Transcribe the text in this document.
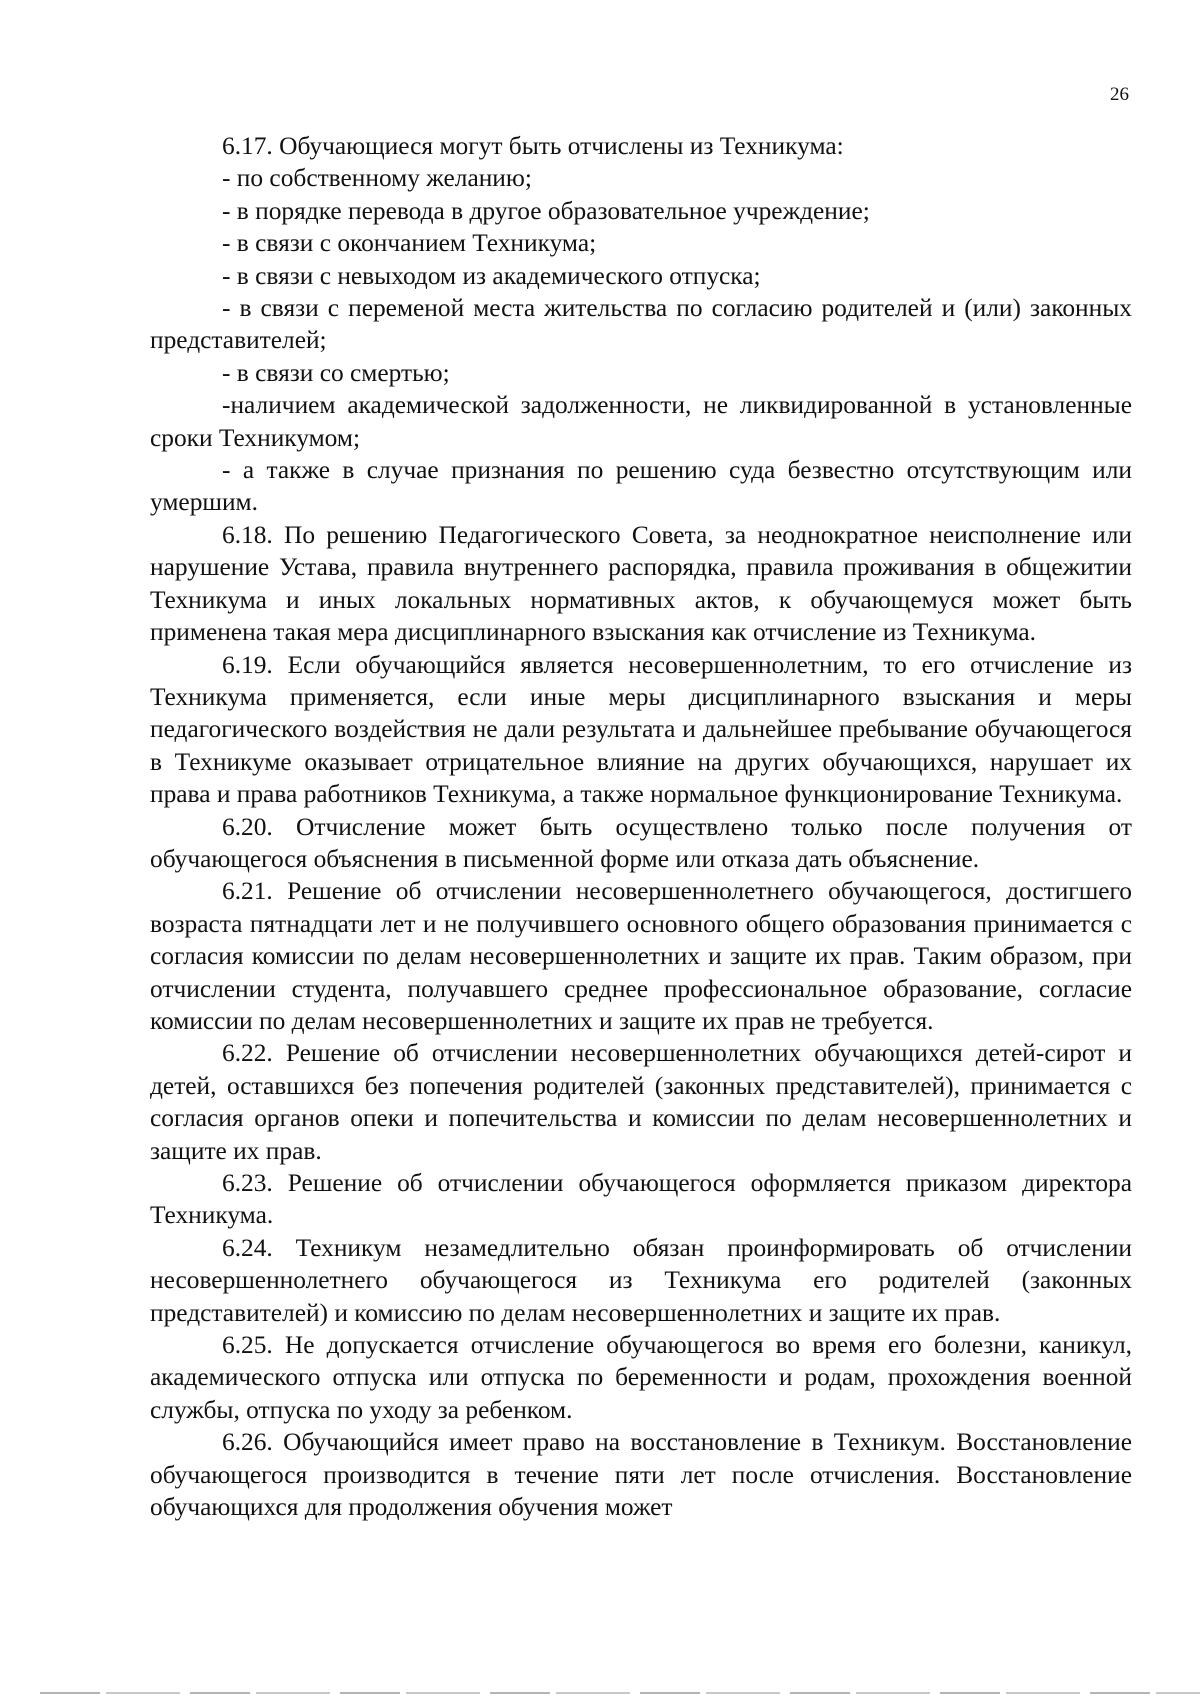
26

6.17. Обучающиеся могут быть отчислены из Техникума:

- по собственному желанию;

- в порядке перевода в другое образовательное учреждение;

- в связи с окончанием Техникума;

- в связи с невыходом из академического отпуска;

- в связи с переменой места жительства по согласию родителей и (или) законных представителей;

- в связи со смертью;

-наличием академической задолженности, не ликвидированной в установленные сроки Техникумом;

- а также в случае признания по решению суда безвестно отсутствующим или умершим.

6.18. По решению Педагогического Совета, за неоднократное неисполнение или нарушение Устава, правила внутреннего распорядка, правила проживания в общежитии Техникума и иных локальных нормативных актов, к обучающемуся может быть применена такая мера дисциплинарного взыскания как отчисление из Техникума.

6.19. Если обучающийся является несовершеннолетним, то его отчисление из Техникума применяется, если иные меры дисциплинарного взыскания и меры педагогического воздействия не дали результата и дальнейшее пребывание обучающегося в Техникуме оказывает отрицательное влияние на других обучающихся, нарушает их права и права работников Техникума, а также нормальное функционирование Техникума.

6.20. Отчисление может быть осуществлено только после получения от обучающегося объяснения в письменной форме или отказа дать объяснение.

6.21. Решение об отчислении несовершеннолетнего обучающегося, достигшего возраста пятнадцати лет и не получившего основного общего образования принимается с согласия комиссии по делам несовершеннолетних и защите их прав. Таким образом, при отчислении студента, получавшего среднее профессиональное образование, согласие комиссии по делам несовершеннолетних и защите их прав не требуется.

6.22. Решение об отчислении несовершеннолетних обучающихся детей-сирот и детей, оставшихся без попечения родителей (законных представителей), принимается с согласия органов опеки и попечительства и комиссии по делам несовершеннолетних и защите их прав.

6.23. Решение об отчислении обучающегося оформляется приказом директора Техникума.

6.24. Техникум незамедлительно обязан проинформировать об отчислении несовершеннолетнего обучающегося из Техникума его родителей (законных представителей) и комиссию по делам несовершеннолетних и защите их прав.

6.25. Не допускается отчисление обучающегося во время его болезни, каникул, академического отпуска или отпуска по беременности и родам, прохождения военной службы, отпуска по уходу за ребенком.

6.26. Обучающийся имеет право на восстановление в Техникум. Восстановление обучающегося производится в течение пяти лет после отчисления. Восстановление обучающихся для продолжения обучения может
